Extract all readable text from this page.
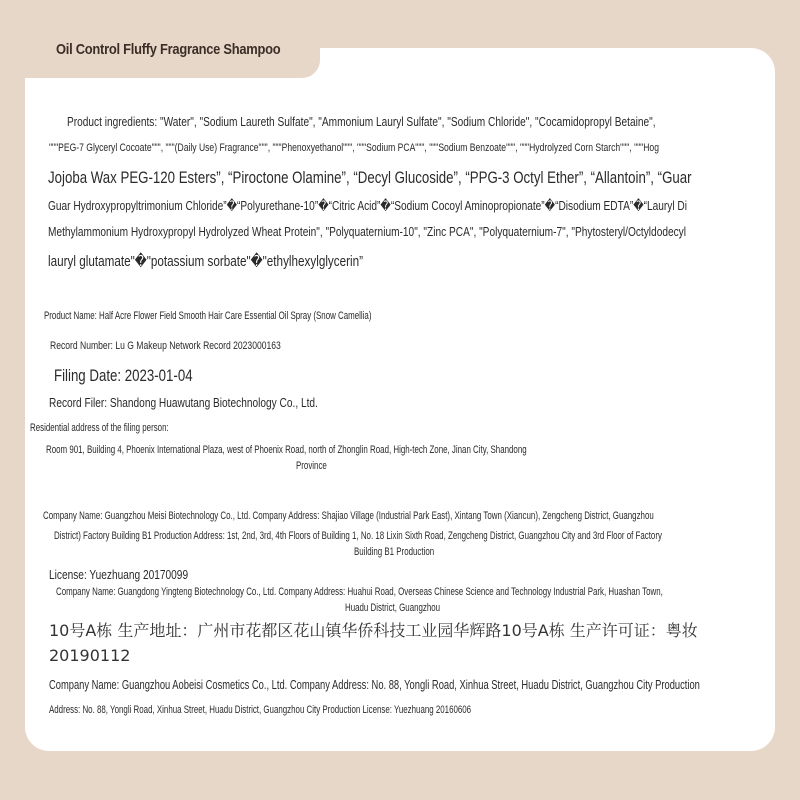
Oil Control Fluffy Fragrance Shampoo
Product ingredients: "Water", "Sodium Laureth Sulfate", "Ammonium Lauryl Sulfate", "Sodium Chloride", "Cocamidopropyl Betaine",
"""PEG-7 Glyceryl Cocoate""", """(Daily Use) Fragrance""", """Phenoxyethanol""", """Sodium PCA""", """Sodium Benzoate""", """Hydrolyzed Corn Starch""", """Hog
Jojoba Wax PEG-120 Esters”, “Piroctone Olamine”, “Decyl Glucoside”, “PPG-3 Octyl Ether”, “Allantoin”, “Guar
Guar Hydroxypropyltrimonium Chloride”�“Polyurethane-10”�“Citric Acid”�“Sodium Cocoyl Aminopropionate”�“Disodium EDTA”�“Lauryl Di
Methylammonium Hydroxypropyl Hydrolyzed Wheat Protein", "Polyquaternium-10", "Zinc PCA", "Polyquaternium-7", "Phytosteryl/Octyldodecyl
lauryl glutamate"�"potassium sorbate"�"ethylhexylglycerin”
Product Name: Half Acre Flower Field Smooth Hair Care Essential Oil Spray (Snow Camellia)
Record Number: Lu G Makeup Network Record 2023000163
Filing Date: 2023-01-04
Record Filer: Shandong Huawutang Biotechnology Co., Ltd.
Residential address of the filing person:
Room 901, Building 4, Phoenix International Plaza, west of Phoenix Road, north of Zhonglin Road, High-tech Zone, Jinan City, Shandong
Province
Company Name: Guangzhou Meisi Biotechnology Co., Ltd. Company Address: Shajiao Village (Industrial Park East), Xintang Town (Xiancun), Zengcheng District, Guangzhou
District) Factory Building B1 Production Address: 1st, 2nd, 3rd, 4th Floors of Building 1, No. 18 Lixin Sixth Road, Zengcheng District, Guangzhou City and 3rd Floor of Factory
Building B1 Production
License: Yuezhuang 20170099
Company Name: Guangdong Yingteng Biotechnology Co., Ltd. Company Address: Huahui Road, Overseas Chinese Science and Technology Industrial Park, Huashan Town,
Huadu District, Guangzhou
10号A栋 生产地址：广州市花都区花山镇华侨科技工业园华辉路10号A栋 生产许可证：粤妆
20190112
Company Name: Guangzhou Aobeisi Cosmetics Co., Ltd. Company Address: No. 88, Yongli Road, Xinhua Street, Huadu District, Guangzhou City Production
Address: No. 88, Yongli Road, Xinhua Street, Huadu District, Guangzhou City Production License: Yuezhuang 20160606
